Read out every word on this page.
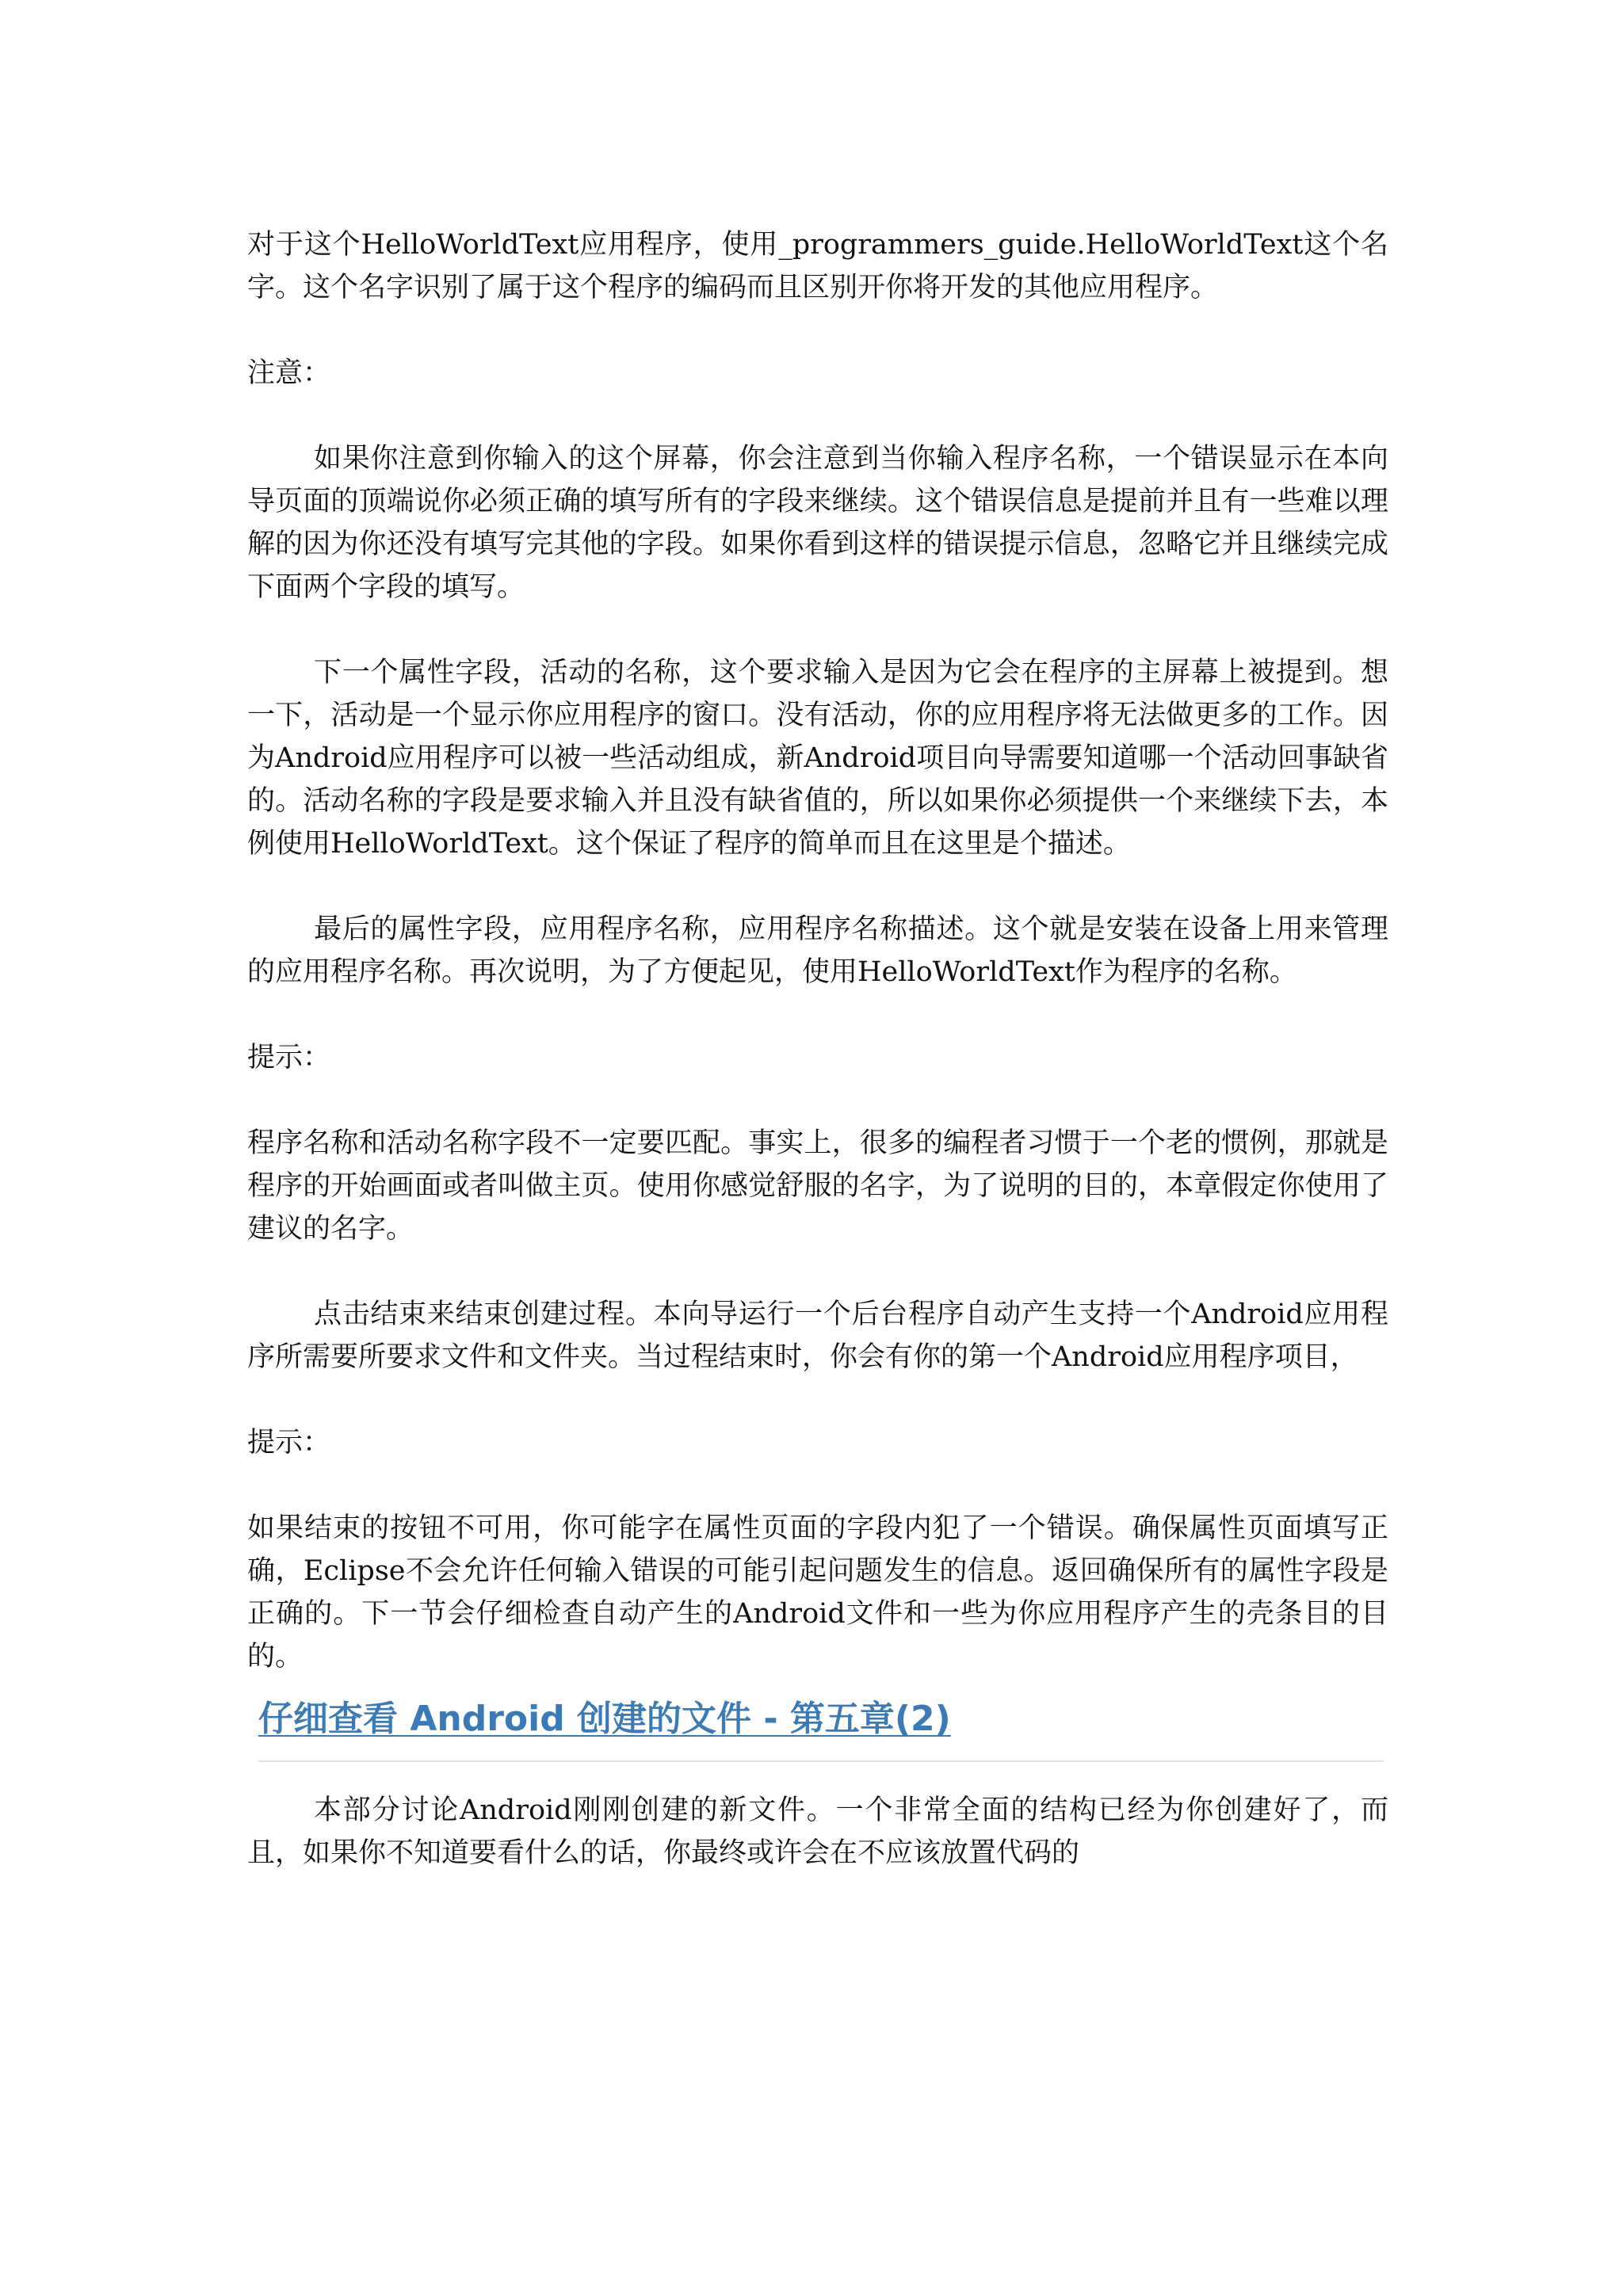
对于这个HelloWorldText应用程序，使用_programmers_guide.HelloWorldText这个名字。这个名字识别了属于这个程序的编码而且区别开你将开发的其他应用程序。

注意：

如果你注意到你输入的这个屏幕，你会注意到当你输入程序名称，一个错误显示在本向导页面的顶端说你必须正确的填写所有的字段来继续。这个错误信息是提前并且有一些难以理解的因为你还没有填写完其他的字段。如果你看到这样的错误提示信息，忽略它并且继续完成下面两个字段的填写。

下一个属性字段，活动的名称，这个要求输入是因为它会在程序的主屏幕上被提到。想一下，活动是一个显示你应用程序的窗口。没有活动，你的应用程序将无法做更多的工作。因为Android应用程序可以被一些活动组成，新Android项目向导需要知道哪一个活动回事缺省的。活动名称的字段是要求输入并且没有缺省值的，所以如果你必须提供一个来继续下去，本例使用HelloWorldText。这个保证了程序的简单而且在这里是个描述。

最后的属性字段，应用程序名称，应用程序名称描述。这个就是安装在设备上用来管理的应用程序名称。再次说明，为了方便起见，使用HelloWorldText作为程序的名称。

提示：

程序名称和活动名称字段不一定要匹配。事实上，很多的编程者习惯于一个老的惯例，那就是程序的开始画面或者叫做主页。使用你感觉舒服的名字，为了说明的目的，本章假定你使用了建议的名字。

点击结束来结束创建过程。本向导运行一个后台程序自动产生支持一个Android应用程序所需要所要求文件和文件夹。当过程结束时，你会有你的第一个Android应用程序项目，

提示：

如果结束的按钮不可用，你可能字在属性页面的字段内犯了一个错误。确保属性页面填写正确，Eclipse不会允许任何输入错误的可能引起问题发生的信息。返回确保所有的属性字段是正确的。下一节会仔细检查自动产生的Android文件和一些为你应用程序产生的壳条目的目的。

仔细查看 Android 创建的文件 - 第五章(2)

本部分讨论Android刚刚创建的新文件。一个非常全面的结构已经为你创建好了，而且，如果你不知道要看什么的话，你最终或许会在不应该放置代码的
